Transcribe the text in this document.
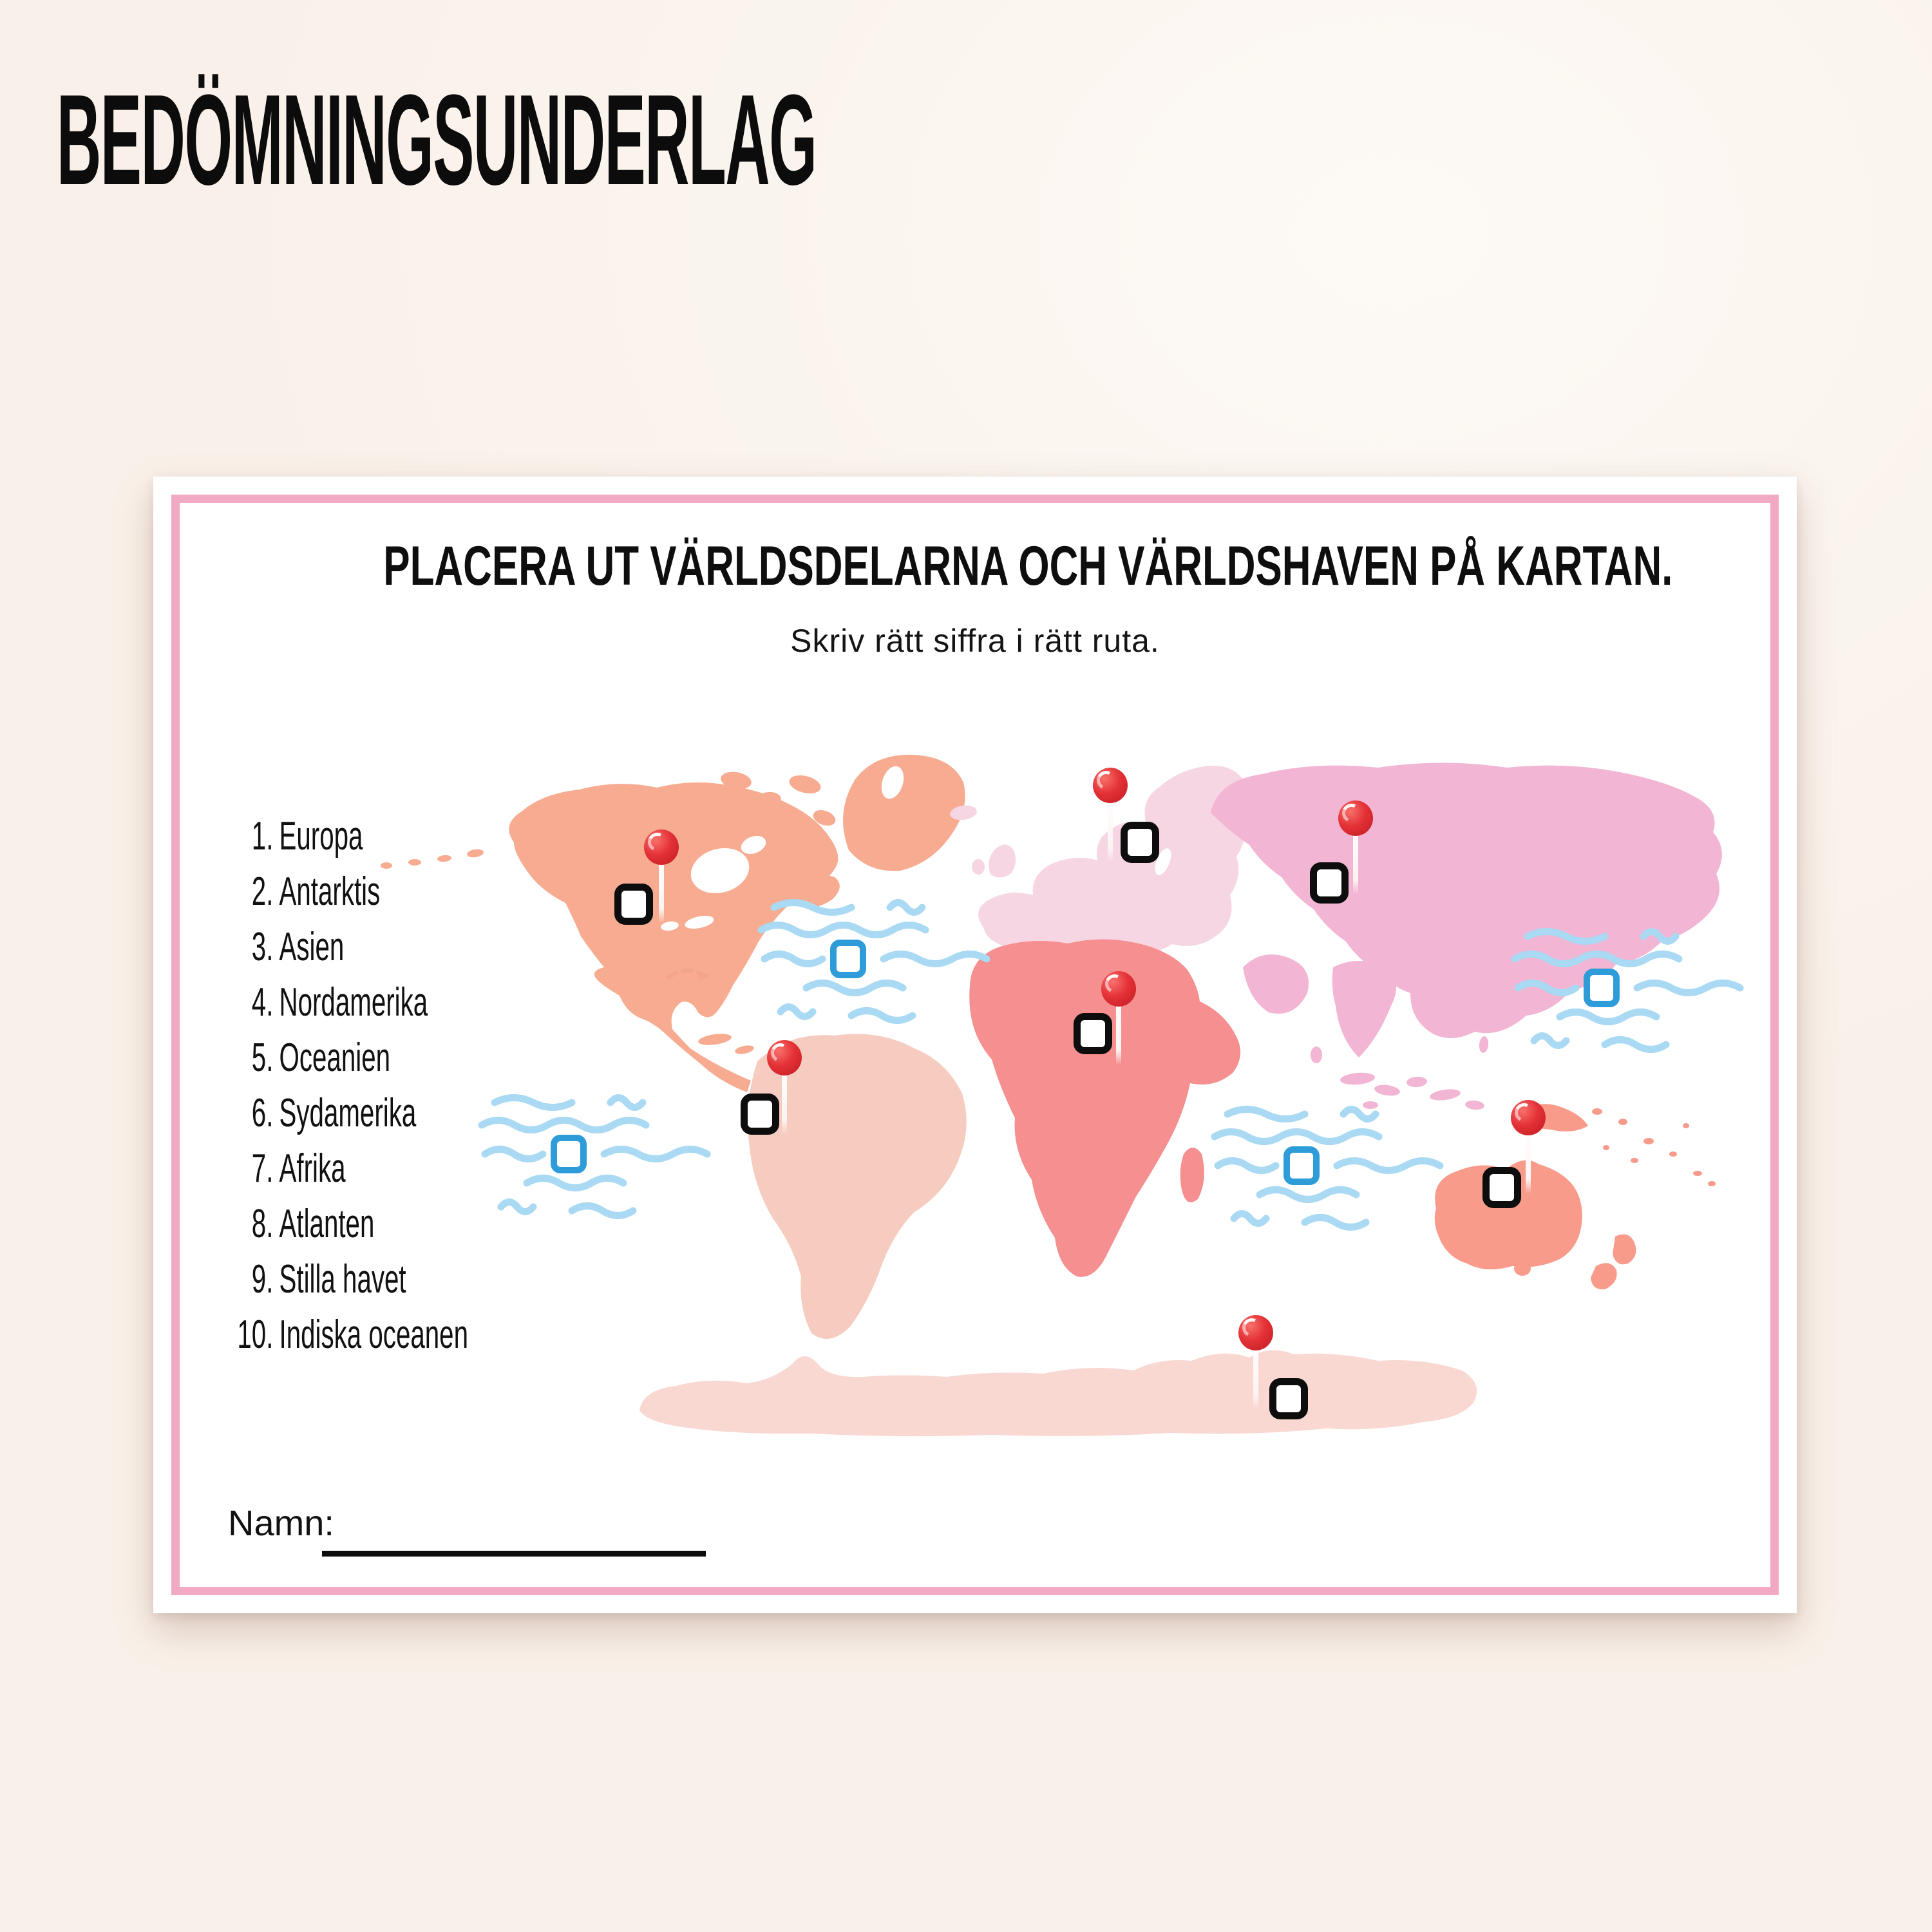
BEDÖMNINGSUNDERLAG
PLACERA UT VÄRLDSDELARNA OCH VÄRLDSHAVEN PÅ KARTAN.

Skriv rätt siffra i rätt ruta.

1. Europa
2. Antarktis
3. Asien
4. Nordamerika
5. Oceanien
6. Sydamerika
7. Afrika
8. Atlanten
9. Stilla havet
10. Indiska oceanen
Namn:
